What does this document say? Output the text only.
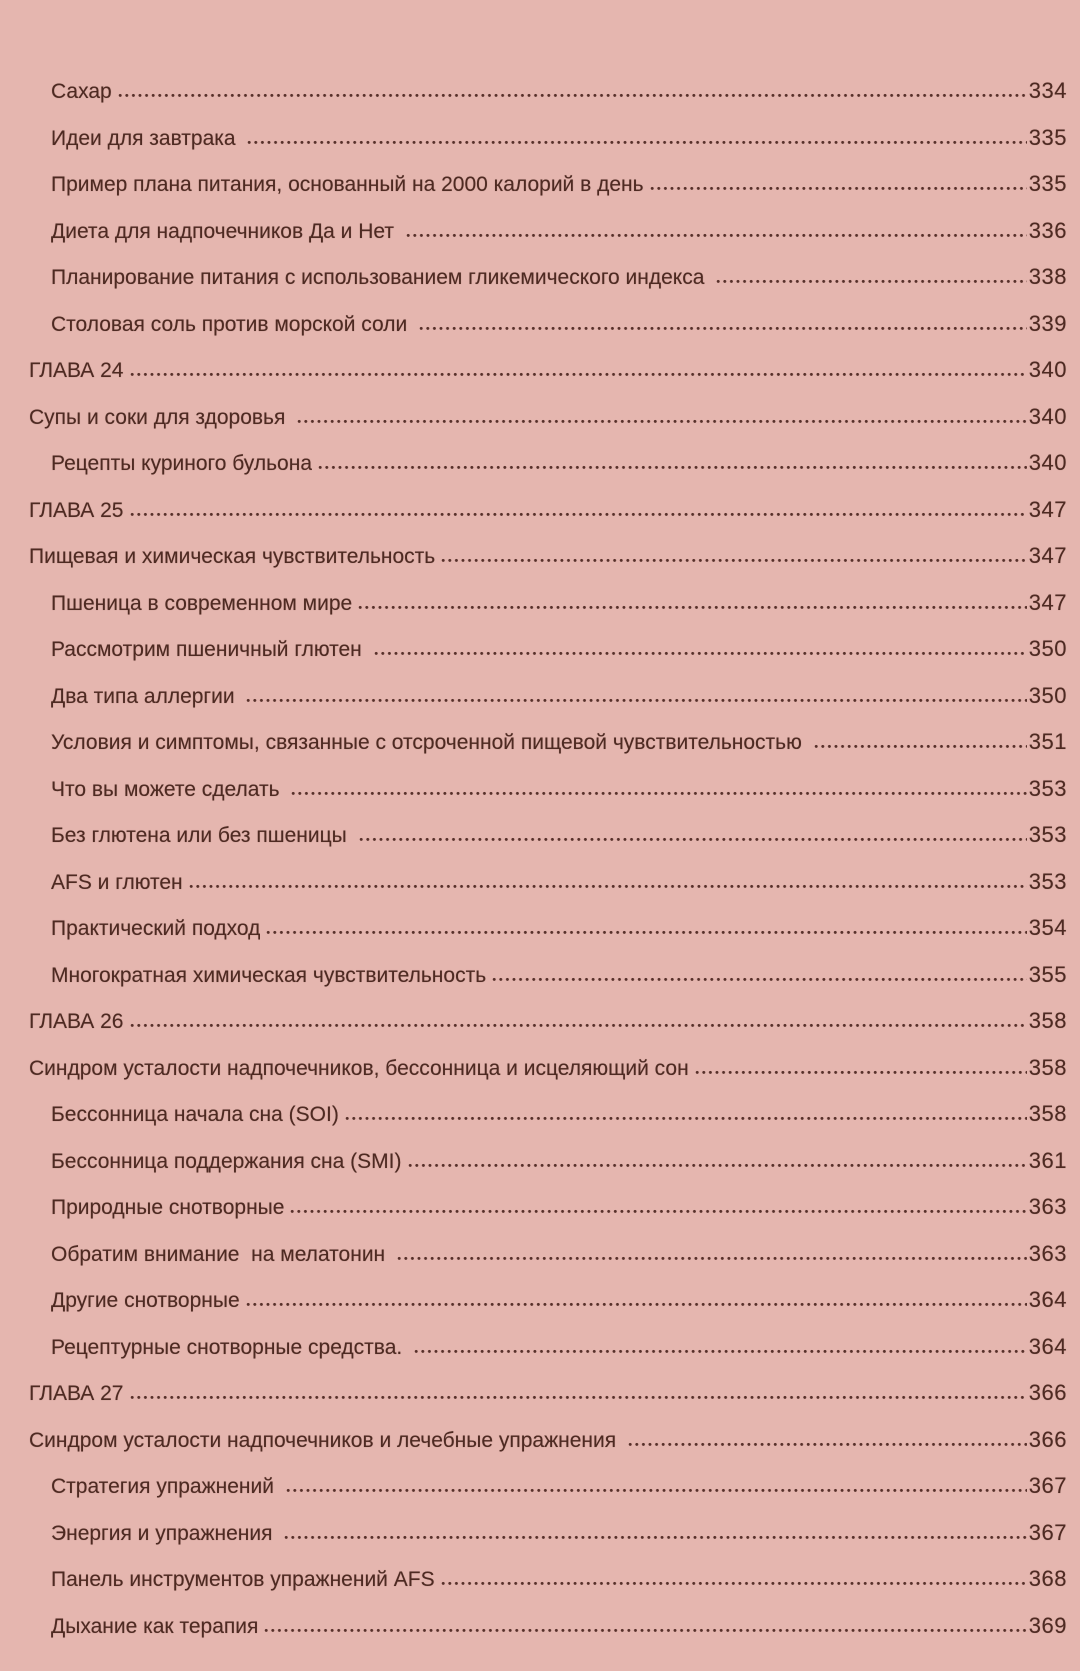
Сахар	334
Идеи для завтрака	335
Пример плана питания, основанный на 2000 калорий в день	335
Диета для надпочечников Да и Нет	336
Планирование питания с использованием гликемического индекса	338
Столовая соль против морской соли	339
ГЛАВА 24	340
Супы и соки для здоровья	340
Рецепты куриного бульона	340
ГЛАВА 25	347
Пищевая и химическая чувствительность	347
Пшеница в современном мире	347
Рассмотрим пшеничный глютен	350
Два типа аллергии	350
Условия и симптомы, связанные с отсроченной пищевой чувствительностью	351
Что вы можете сделать	353
Без глютена или без пшеницы	353
AFS и глютен	353
Практический подход	354
Многократная химическая чувствительность	355
ГЛАВА 26	358
Синдром усталости надпочечников, бессонница и исцеляющий сон	358
Бессонница начала сна (SOI)	358
Бессонница поддержания сна (SMI)	361
Природные снотворные	363
Обратим внимание  на мелатонин	363
Другие снотворные	364
Рецептурные снотворные средства.	364
ГЛАВА 27	366
Синдром усталости надпочечников и лечебные упражнения	366
Стратегия упражнений	367
Энергия и упражнения	367
Панель инструментов упражнений AFS	368
Дыхание как терапия	369
